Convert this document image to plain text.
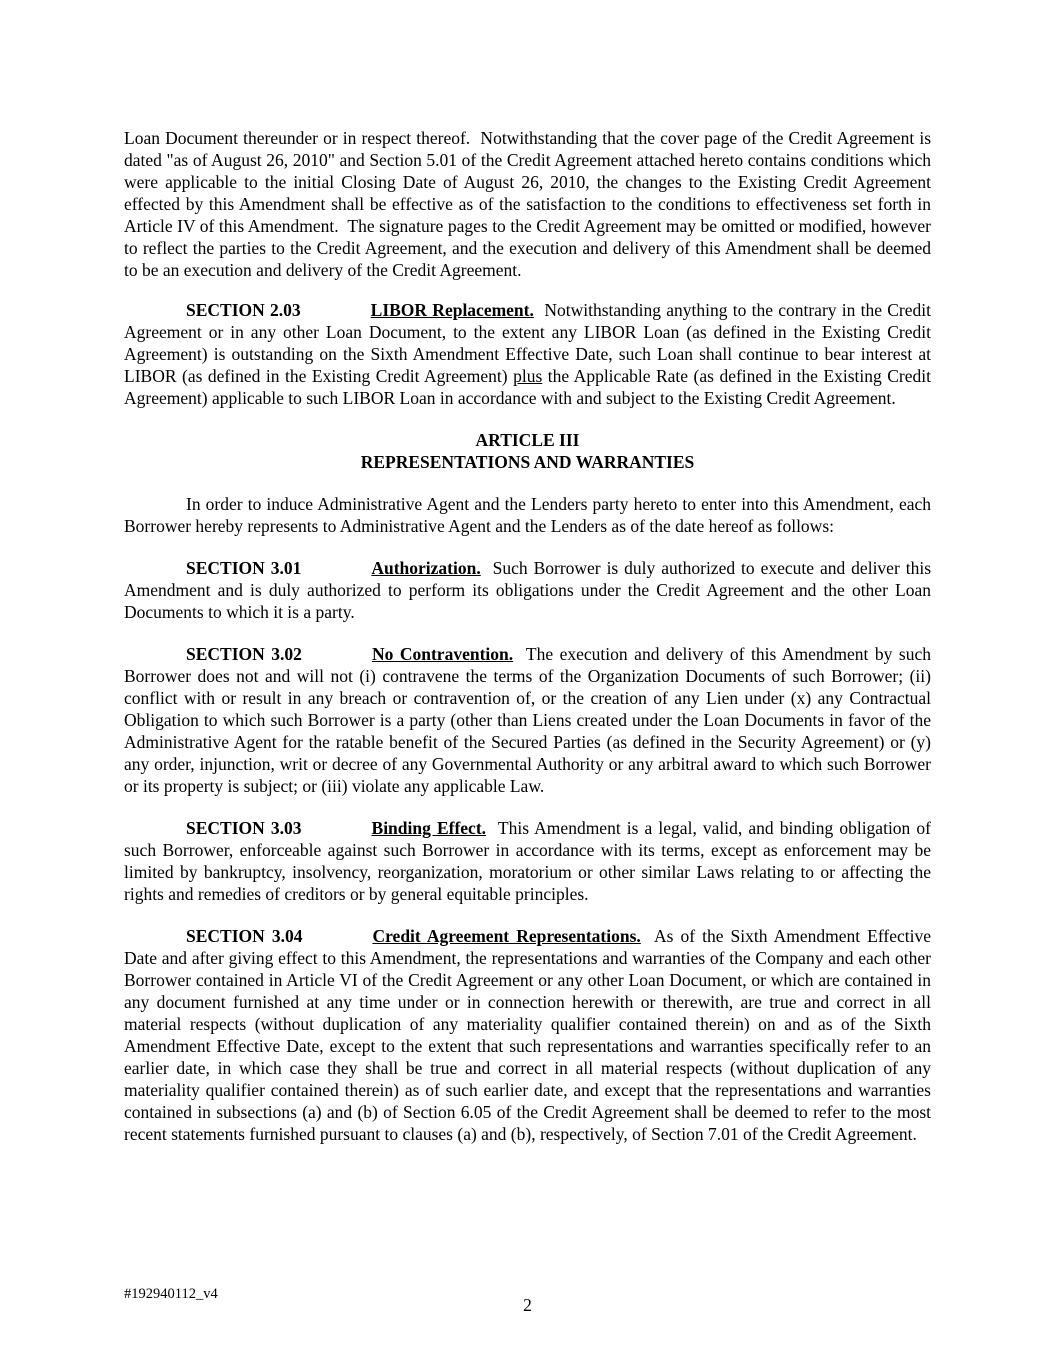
Loan Document thereunder or in respect thereof.  Notwithstanding that the cover page of the Credit Agreement is dated "as of August 26, 2010" and Section 5.01 of the Credit Agreement attached hereto contains conditions which were applicable to the initial Closing Date of August 26, 2010, the changes to the Existing Credit Agreement effected by this Amendment shall be effective as of the satisfaction to the conditions to effectiveness set forth in Article IV of this Amendment.  The signature pages to the Credit Agreement may be omitted or modified, however to reflect the parties to the Credit Agreement, and the execution and delivery of this Amendment shall be deemed to be an execution and delivery of the Credit Agreement.

SECTION 2.03	LIBOR Replacement.  Notwithstanding anything to the contrary in the Credit Agreement or in any other Loan Document, to the extent any LIBOR Loan (as defined in the Existing Credit Agreement) is outstanding on the Sixth Amendment Effective Date, such Loan shall continue to bear interest at LIBOR (as defined in the Existing Credit Agreement) plus the Applicable Rate (as defined in the Existing Credit Agreement) applicable to such LIBOR Loan in accordance with and subject to the Existing Credit Agreement.

ARTICLE III
REPRESENTATIONS AND WARRANTIES

In order to induce Administrative Agent and the Lenders party hereto to enter into this Amendment, each Borrower hereby represents to Administrative Agent and the Lenders as of the date hereof as follows:

SECTION 3.01	Authorization.  Such Borrower is duly authorized to execute and deliver this Amendment and is duly authorized to perform its obligations under the Credit Agreement and the other Loan Documents to which it is a party.

SECTION 3.02	No Contravention.  The execution and delivery of this Amendment by such Borrower does not and will not (i) contravene the terms of the Organization Documents of such Borrower; (ii) conflict with or result in any breach or contravention of, or the creation of any Lien under (x) any Contractual Obligation to which such Borrower is a party (other than Liens created under the Loan Documents in favor of the Administrative Agent for the ratable benefit of the Secured Parties (as defined in the Security Agreement) or (y) any order, injunction, writ or decree of any Governmental Authority or any arbitral award to which such Borrower or its property is subject; or (iii) violate any applicable Law.

SECTION 3.03	Binding Effect.  This Amendment is a legal, valid, and binding obligation of such Borrower, enforceable against such Borrower in accordance with its terms, except as enforcement may be limited by bankruptcy, insolvency, reorganization, moratorium or other similar Laws relating to or affecting the rights and remedies of creditors or by general equitable principles.

SECTION 3.04	Credit Agreement Representations.  As of the Sixth Amendment Effective Date and after giving effect to this Amendment, the representations and warranties of the Company and each other Borrower contained in Article VI of the Credit Agreement or any other Loan Document, or which are contained in any document furnished at any time under or in connection herewith or therewith, are true and correct in all material respects (without duplication of any materiality qualifier contained therein) on and as of the Sixth Amendment Effective Date, except to the extent that such representations and warranties specifically refer to an earlier date, in which case they shall be true and correct in all material respects (without duplication of any materiality qualifier contained therein) as of such earlier date, and except that the representations and warranties contained in subsections (a) and (b) of Section 6.05 of the Credit Agreement shall be deemed to refer to the most recent statements furnished pursuant to clauses (a) and (b), respectively, of Section 7.01 of the Credit Agreement.

#192940112_v4
2
